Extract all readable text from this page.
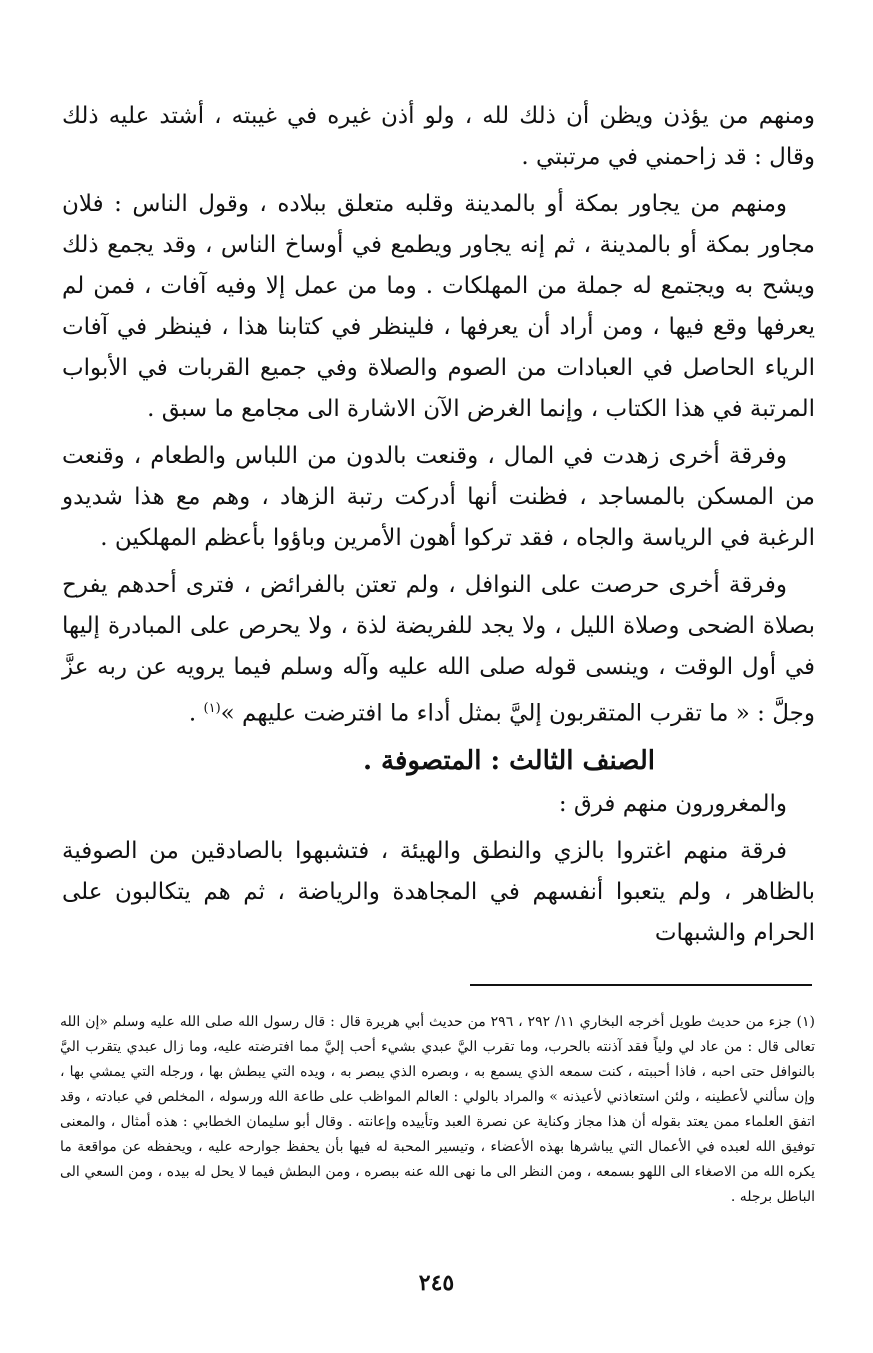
ومنهم من يؤذن ويظن أن ذلك لله ، ولو أذن غيره في غيبته ، أشتد عليه ذلك وقال : قد زاحمني في مرتبتي .

ومنهم من يجاور بمكة أو بالمدينة وقلبه متعلق ببلاده ، وقول الناس : فلان مجاور بمكة أو بالمدينة ، ثم إنه يجاور ويطمع في أوساخ الناس ، وقد يجمع ذلك ويشح به ويجتمع له جملة من المهلكات . وما من عمل إلا وفيه آفات ، فمن لم يعرفها وقع فيها ، ومن أراد أن يعرفها ، فلينظر في كتابنا هذا ، فينظر في آفات الرياء الحاصل في العبادات من الصوم والصلاة وفي جميع القربات في الأبواب المرتبة في هذا الكتاب ، وإنما الغرض الآن الاشارة الى مجامع ما سبق .

وفرقة أخرى زهدت في المال ، وقنعت بالدون من اللباس والطعام ، وقنعت من المسكن بالمساجد ، فظنت أنها أدركت رتبة الزهاد ، وهم مع هذا شديدو الرغبة في الرياسة والجاه ، فقد تركوا أهون الأمرين وباؤوا بأعظم المهلكين .

وفرقة أخرى حرصت على النوافل ، ولم تعتن بالفرائض ، فترى أحدهم يفرح بصلاة الضحى وصلاة الليل ، ولا يجد للفريضة لذة ، ولا يحرص على المبادرة إليها في أول الوقت ، وينسى قوله صلى الله عليه وآله وسلم فيما يرويه عن ربه عزَّ وجلَّ : « ما تقرب المتقربون إليَّ بمثل أداء ما افترضت عليهم »$^{(١)}$ .

الصنف الثالث : المتصوفة .

والمغرورون منهم فرق :

فرقة منهم اغتروا بالزي والنطق والهيئة ، فتشبهوا بالصادقين من الصوفية بالظاهر ، ولم يتعبوا أنفسهم في المجاهدة والرياضة ، ثم هم يتكالبون على الحرام والشبهات

(١) جزء من حديث طويل أخرجه البخاري ١١/ ٢٩٢ ، ٢٩٦ من حديث أبي هريرة قال : قال رسول الله صلى الله عليه وسلم «إن الله تعالى قال : من عاد لي ولياً فقد آذنته بالحرب، وما تقرب اليَّ عبدي بشيء أحب إليَّ مما افترضته عليه، وما زال عبدي يتقرب اليَّ بالنوافل حتى احبه ، فاذا أحببته ، كنت سمعه الذي يسمع به ، وبصره الذي يبصر به ، ويده التي يبطش بها ، ورجله التي يمشي بها ، وإن سألني لأعطينه ، ولئن استعاذني لأعيذنه » والمراد بالولي : العالم المواظب على طاعة الله ورسوله ، المخلص في عبادته ، وقد اتفق العلماء ممن يعتد بقوله أن هذا مجاز وكناية عن نصرة العبد وتأييده وإعانته . وقال أبو سليمان الخطابي : هذه أمثال ، والمعنى توفيق الله لعبده في الأعمال التي يباشرها بهذه الأعضاء ، وتيسير المحبة له فيها بأن يحفظ جوارحه عليه ، ويحفظه عن مواقعة ما يكره الله من الاصغاء الى اللهو بسمعه ، ومن النظر الى ما نهى الله عنه ببصره ، ومن البطش فيما لا يحل له بيده ، ومن السعي الى الباطل برجله .

٢٤٥
